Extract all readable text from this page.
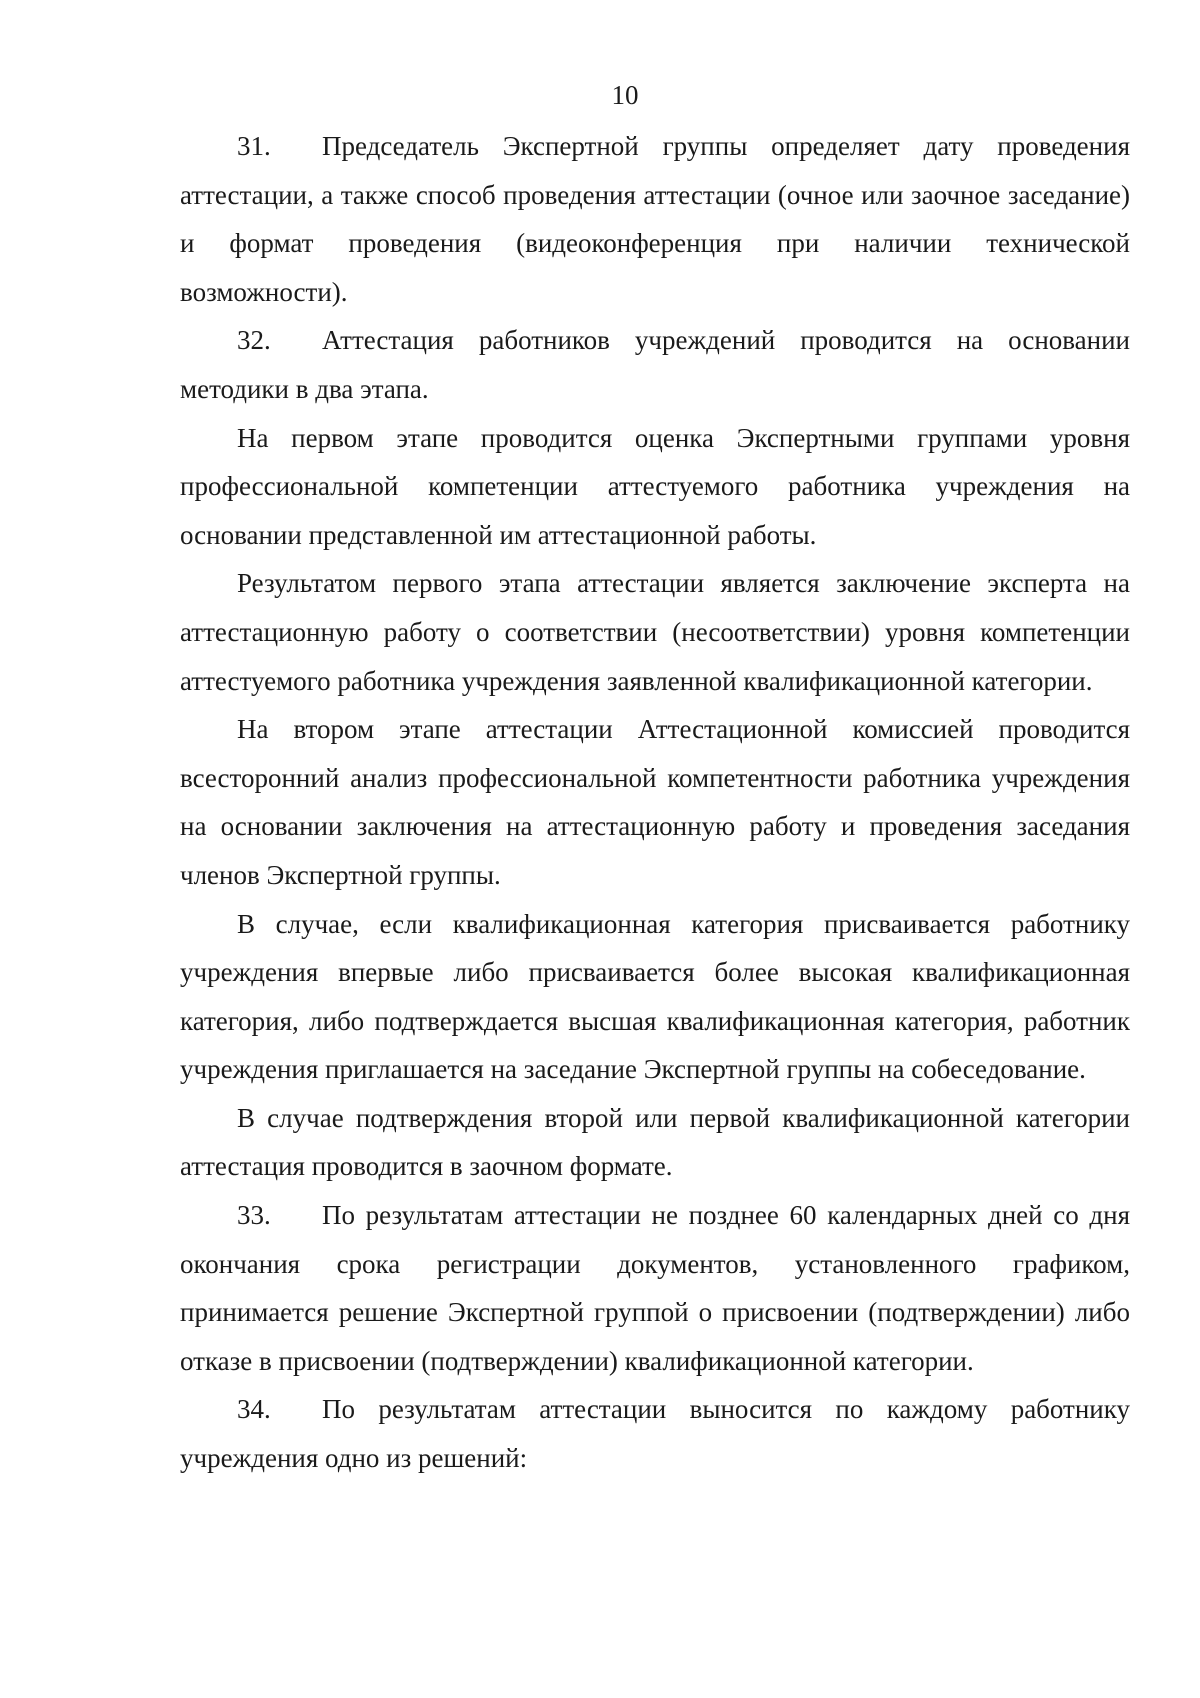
10

31. Председатель Экспертной группы определяет дату проведения аттестации, а также способ проведения аттестации (очное или заочное заседание) и формат проведения (видеоконференция при наличии технической возможности).

32. Аттестация работников учреждений проводится на основании методики в два этапа.

На первом этапе проводится оценка Экспертными группами уровня профессиональной компетенции аттестуемого работника учреждения на основании представленной им аттестационной работы.

Результатом первого этапа аттестации является заключение эксперта на аттестационную работу о соответствии (несоответствии) уровня компетенции аттестуемого работника учреждения заявленной квалификационной категории.

На втором этапе аттестации Аттестационной комиссией проводится всесторонний анализ профессиональной компетентности работника учреждения на основании заключения на аттестационную работу и проведения заседания членов Экспертной группы.

В случае, если квалификационная категория присваивается работнику учреждения впервые либо присваивается более высокая квалификационная категория, либо подтверждается высшая квалификационная категория, работник учреждения приглашается на заседание Экспертной группы на собеседование.

В случае подтверждения второй или первой квалификационной категории аттестация проводится в заочном формате.

33. По результатам аттестации не позднее 60 календарных дней со дня окончания срока регистрации документов, установленного графиком, принимается решение Экспертной группой о присвоении (подтверждении) либо отказе в присвоении (подтверждении) квалификационной категории.

34. По результатам аттестации выносится по каждому работнику учреждения одно из решений:
